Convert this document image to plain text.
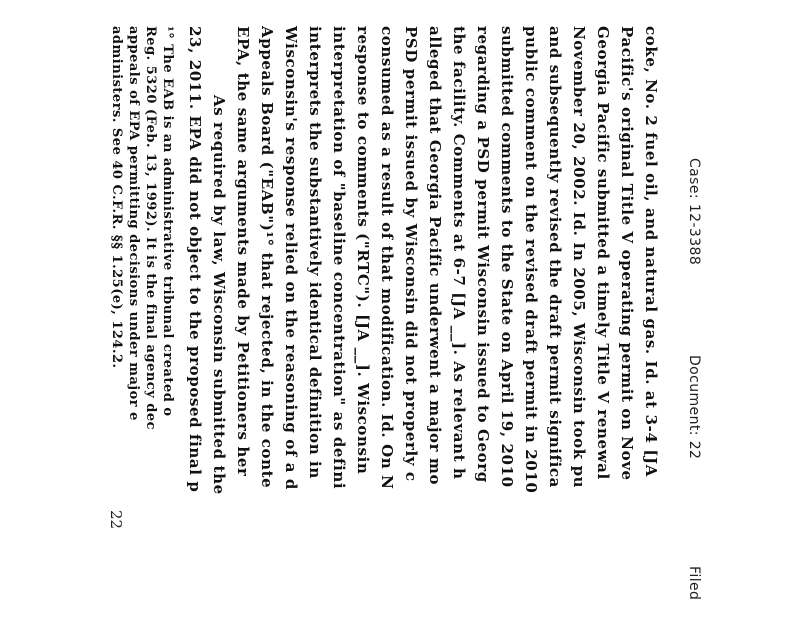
Case: 12-3388
Document: 22
Filed
coke, No. 2 fuel oil, and natural gas. Id. at 3-4 [JA
Pacific's original Title V operating permit on Nove
Georgia Pacific submitted a timely Title V renewal
November 20, 2002. Id. In 2005, Wisconsin took pu
and subsequently revised the draft permit significa
public comment on the revised draft permit in 2010
submitted comments to the State on April 19, 2010
regarding a PSD permit Wisconsin issued to Georg
the facility. Comments at 6-7 [JA __]. As relevant h
alleged that Georgia Pacific underwent a major mo
PSD permit issued by Wisconsin did not properly c
consumed as a result of that modification. Id. On N
response to comments ("RTC"). [JA __]. Wisconsin
interpretation of "baseline concentration" as defini
interprets the substantively identical definition in
Wisconsin's response relied on the reasoning of a d
Appeals Board ("EAB")¹° that rejected, in the conte
EPA, the same arguments made by Petitioners her
As required by law, Wisconsin submitted the
23, 2011. EPA did not object to the proposed final p
¹° The EAB is an administrative tribunal created o
Reg. 5320 (Feb. 13, 1992). It is the final agency dec
appeals of EPA permitting decisions under major e
administers. See 40 C.F.R. §§ 1.25(e), 124.2.
22
